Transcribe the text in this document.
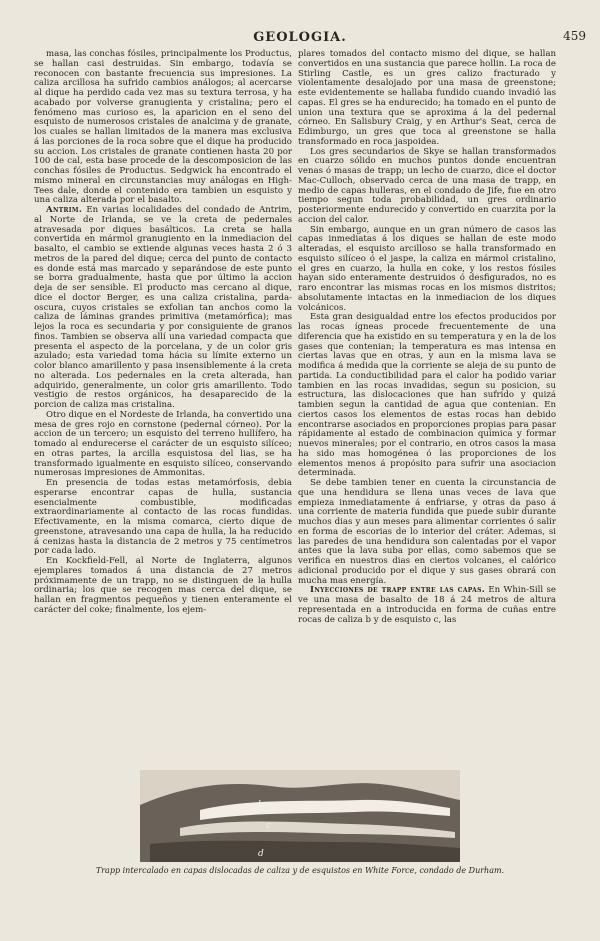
GEOLOGIA.	459

masa, las conchas fósiles, principalmente los Productus, se hallan casi destruidas. Sin embargo, todavía se reconocen con bastante frecuencia sus impresiones. La caliza arcillosa ha sufrido cambios análogos; al acercarse al dique ha perdido cada vez mas su textura terrosa, y ha acabado por volverse granugienta y cristalina; pero el fenómeno mas curioso es, la aparicion en el seno del esquisto de numerosos cristales de analcima y de granate, los cuales se hallan limitados de la manera mas exclusiva á las porciones de la roca sobre que el dique ha producido su accion. Los cristales de granate contienen hasta 20 por 100 de cal, esta base procede de la descomposicion de las conchas fósiles de Productus. Sedgwick ha encontrado el mismo mineral en circunstancias muy análogas en High-Tees dale, donde el contenido era tambien un esquisto y una caliza alterada por el basalto.

Antrim. En varias localidades del condado de Antrim, al Norte de Irlanda, se ve la creta de pedernales atravesada por diques basálticos. La creta se halla convertida en mármol granugiento en la inmediacion del basalto, el cambio se extiende algunas veces hasta 2 ó 3 metros de la pared del dique; cerca del punto de contacto es donde está mas marcado y separándose de este punto se borra gradualmente, hasta que por último la accion deja de ser sensible. El producto mas cercano al dique, dice el doctor Berger, es una caliza cristalina, parda-oscura, cuyos cristales se exfolian tan anchos como la caliza de láminas grandes primitiva (metamórfica); mas lejos la roca es secundaria y por consiguiente de granos finos. Tambien se observa allí una variedad compacta que presenta el aspecto de la porcelana, y de un color gris azulado; esta variedad toma hácia su límite externo un color blanco amarillento y pasa insensiblemente á la creta no alterada. Los pedernales en la creta alterada, han adquirido, generalmente, un color gris amarillento. Todo vestigio de restos orgánicos, ha desaparecido de la porcion de caliza mas cristalina.

Otro dique en el Nordeste de Irlanda, ha convertido una mesa de gres rojo en cornstone (pedernal córneo). Por la accion de un tercero; un esquisto del terreno hullífero, ha tomado al endurecerse el carácter de un esquisto silíceo; en otras partes, la arcilla esquistosa del lias, se ha transformado igualmente en esquisto silíceo, conservando numerosas impresiones de Ammonitas.

En presencia de todas estas metamórfosis, debia esperarse encontrar capas de hulla, sustancia esencialmente combustible, modificadas extraordinariamente al contacto de las rocas fundidas. Efectivamente, en la misma comarca, cierto dique de greenstone, atravesando una capa de hulla, la ha reducido á cenizas hasta la distancia de 2 metros y 75 centímetros por cada lado.

En Kockfield-Fell, al Norte de Inglaterra, algunos ejemplares tomados á una distancia de 27 metros próximamente de un trapp, no se distinguen de la hulla ordinaria; los que se recogen mas cerca del dique, se hallan en fragmentos pequeños y tienen enteramente el carácter del coke; finalmente, los ejem-

plares tomados del contacto mismo del dique, se hallan convertidos en una sustancia que parece hollin. La roca de Stirling Castle, es un gres calizo fracturado y violentamente desalojado por una masa de greenstone; este evidentemente se hallaba fundido cuando invadió las capas. El gres se ha endurecido; ha tomado en el punto de union una textura que se aproxima á la del pedernal córneo. En Salisbury Craig, y en Arthur's Seat, cerca de Edimburgo, un gres que toca al greenstone se halla transformado en roca jaspoidea.

Los gres secundarios de Skye se hallan transformados en cuarzo sólido en muchos puntos donde encuentran venas ó masas de trapp; un lecho de cuarzo, dice el doctor Mac-Culloch, observado cerca de una masa de trapp, en medio de capas hulleras, en el condado de Jife, fue en otro tiempo segun toda probabilidad, un gres ordinario posteriormente endurecido y convertido en cuarzita por la accion del calor.

Sin embargo, aunque en un gran número de casos las capas inmediatas á los diques se hallan de este modo alteradas, el esquisto arcilloso se halla transformado en esquisto silíceo ó el jaspe, la caliza en mármol cristalino, el gres en cuarzo, la hulla en coke, y los restos fósiles hayan sido enteramente destruidos ó desfigurados, no es raro encontrar las mismas rocas en los mismos distritos; absolutamente intactas en la inmediacion de los diques volcánicos.

Esta gran desigualdad entre los efectos producidos por las rocas ígneas procede frecuentemente de una diferencia que ha existido en su temperatura y en la de los gases que contenian; la temperatura es mas intensa en ciertas lavas que en otras, y aun en la misma lava se modifica á medida que la corriente se aleja de su punto de partida. La conductibilidad para el calor ha podido variar tambien en las rocas invadidas, segun su posicion, su estructura, las dislocaciones que han sufrido y quizá tambien segun la cantidad de agua que contenian. En ciertos casos los elementos de estas rocas han debido encontrarse asociados en proporciones propias para pasar rápidamente al estado de combinacion química y formar nuevos minerales; por el contrario, en otros casos la masa ha sido mas homogénea ó las proporciones de los elementos menos á propósito para sufrir una asociacion determinada.

Se debe tambien tener en cuenta la circunstancia de que una hendidura se llena unas veces de lava que empieza inmediatamente á enfriarse, y otras da paso á una corriente de materia fundida que puede subir durante muchos dias y aun meses para alimentar corrientes ó salir en forma de escorias de lo interior del cráter. Ademas, si las paredes de una hendidura son calentadas por el vapor antes que la lava suba por ellas, como sabemos que se verifica en nuestros dias en ciertos volcanes, el calórico adicional producido por el dique y sus gases obrará con mucha mas energía.

Inyecciones de trapp entre las capas. En Whin-Sill se ve una masa de basalto de 18 á 24 metros de altura representada en a introducida en forma de cuñas entre rocas de caliza b y de esquisto c, las

b
c
d
Trapp intercalado en capas dislocadas de caliza y de esquistos en White Force, condado de Durham.
